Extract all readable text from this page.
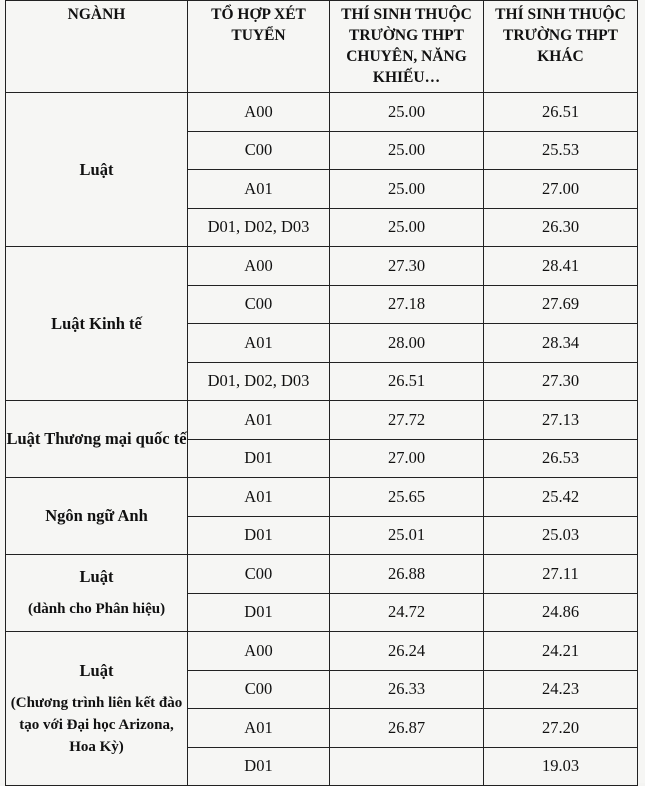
NGÀNH	TỔ HỢP XÉT TUYỂN	THÍ SINH THUỘC TRƯỜNG THPT CHUYÊN, NĂNG KHIẾU…	THÍ SINH THUỘC TRƯỜNG THPT KHÁC
Luật	A00	25.00	26.51
	C00	25.00	25.53
	A01	25.00	27.00
	D01, D02, D03	25.00	26.30
Luật Kinh tế	A00	27.30	28.41
	C00	27.18	27.69
	A01	28.00	28.34
	D01, D02, D03	26.51	27.30
Luật Thương mại quốc tế	A01	27.72	27.13
	D01	27.00	26.53
Ngôn ngữ Anh	A01	25.65	25.42
	D01	25.01	25.03
Luật
(dành cho Phân hiệu)	C00	26.88	27.11
	D01	24.72	24.86
Luật
(Chương trình liên kết đào tạo với Đại học Arizona, Hoa Kỳ)	A00	26.24	24.21
	C00	26.33	24.23
	A01	26.87	27.20
	D01		19.03
